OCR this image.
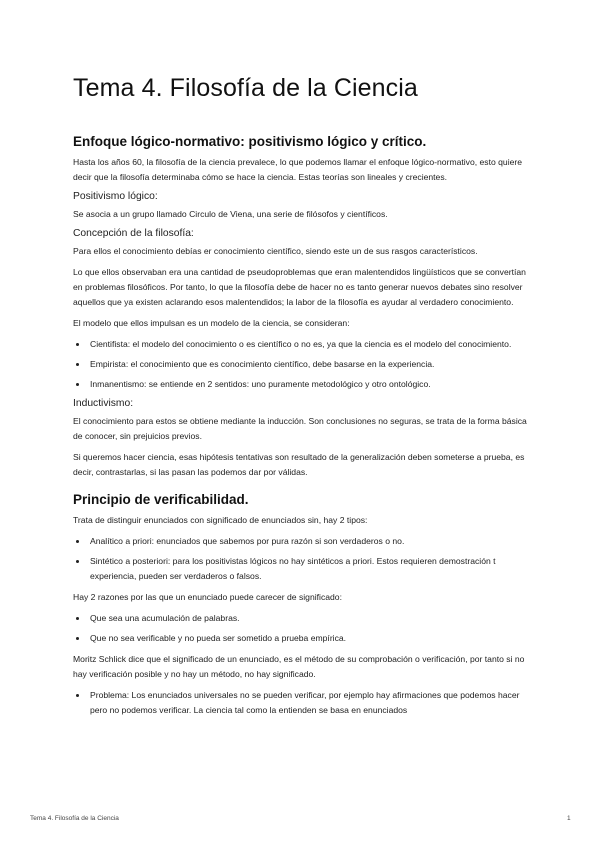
Tema 4. Filosofía de la Ciencia
Enfoque lógico-normativo: positivismo lógico y crítico.

Hasta los años 60, la filosofía de la ciencia prevalece, lo que podemos llamar el enfoque lógico-normativo, esto quiere decir que la filosofía determinaba cómo se hace la ciencia. Estas teorías son lineales y crecientes.

Positivismo lógico:

Se asocia a un grupo llamado Circulo de Viena, una serie de filósofos y científicos.

Concepción de la filosofía:

Para ellos el conocimiento debías er conocimiento científico, siendo este un de sus rasgos característicos.

Lo que ellos observaban era una cantidad de pseudoproblemas que eran malentendidos lingüísticos que se convertían en problemas filosóficos. Por tanto, lo que la filosofía debe de hacer no es tanto generar nuevos debates sino resolver aquellos que ya existen aclarando esos malentendidos; la labor de la filosofía es ayudar al verdadero conocimiento.

El modelo que ellos impulsan es un modelo de la ciencia, se consideran:

• Cientifista: el modelo del conocimiento o es científico o no es, ya que la ciencia es el modelo del conocimiento.
• Empirista: el conocimiento que es conocimiento científico, debe basarse en la experiencia.
• Inmanentismo: se entiende en 2 sentidos: uno puramente metodológico y otro ontológico.
Inductivismo:

El conocimiento para estos se obtiene mediante la inducción. Son conclusiones no seguras, se trata de la forma básica de conocer, sin prejuicios previos.

Si queremos hacer ciencia, esas hipótesis tentativas son resultado de la generalización deben someterse a prueba, es decir, contrastarlas, si las pasan las podemos dar por válidas.

Principio de verificabilidad.

Trata de distinguir enunciados con significado de enunciados sin, hay 2 tipos:

• Analítico a priori: enunciados que sabemos por pura razón si son verdaderos o no.
• Sintético a posteriori: para los positivistas lógicos no hay sintéticos a priori. Estos requieren demostración t experiencia, pueden ser verdaderos o falsos.

Hay 2 razones por las que un enunciado puede carecer de significado:

• Que sea una acumulación de palabras.
• Que no sea verificable y no pueda ser sometido a prueba empírica.

Moritz Schlick dice que el significado de un enunciado, es el método de su comprobación o verificación, por tanto si no hay verificación posible y no hay un método, no hay significado.

• Problema: Los enunciados universales no se pueden verificar, por ejemplo hay afirmaciones que podemos hacer pero no podemos verificar. La ciencia tal como la entienden se basa en enunciados
Tema 4. Filosofía de la Ciencia	1
